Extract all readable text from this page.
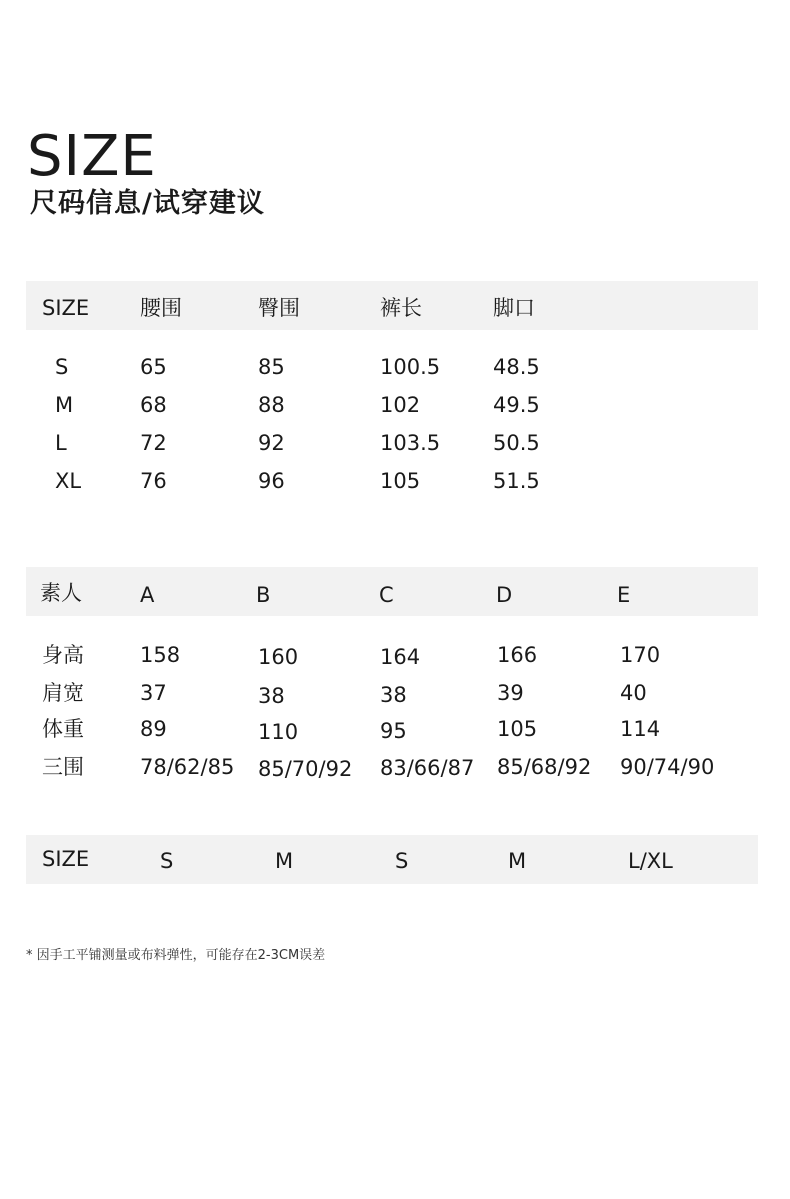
SIZE
尺码信息/试穿建议
SIZE 腰围	臀围	裤长	脚口
S	65	85	100.5	48.5
M	68	88	102	49.5
L	72	92	103.5	50.5
XL	76	96	105	51.5
素人	A	B	C	D	E
身高	158	160	164	166	170
肩宽	37	38	38	39	40
体重	89	110	95	105	114
三围	78/62/85 85/70/92 83/66/87 85/68/92 90/74/90
SIZE	S	M	S	M	L/XL

* 因手工平铺测量或布料弹性，可能存在2-3CM误差
